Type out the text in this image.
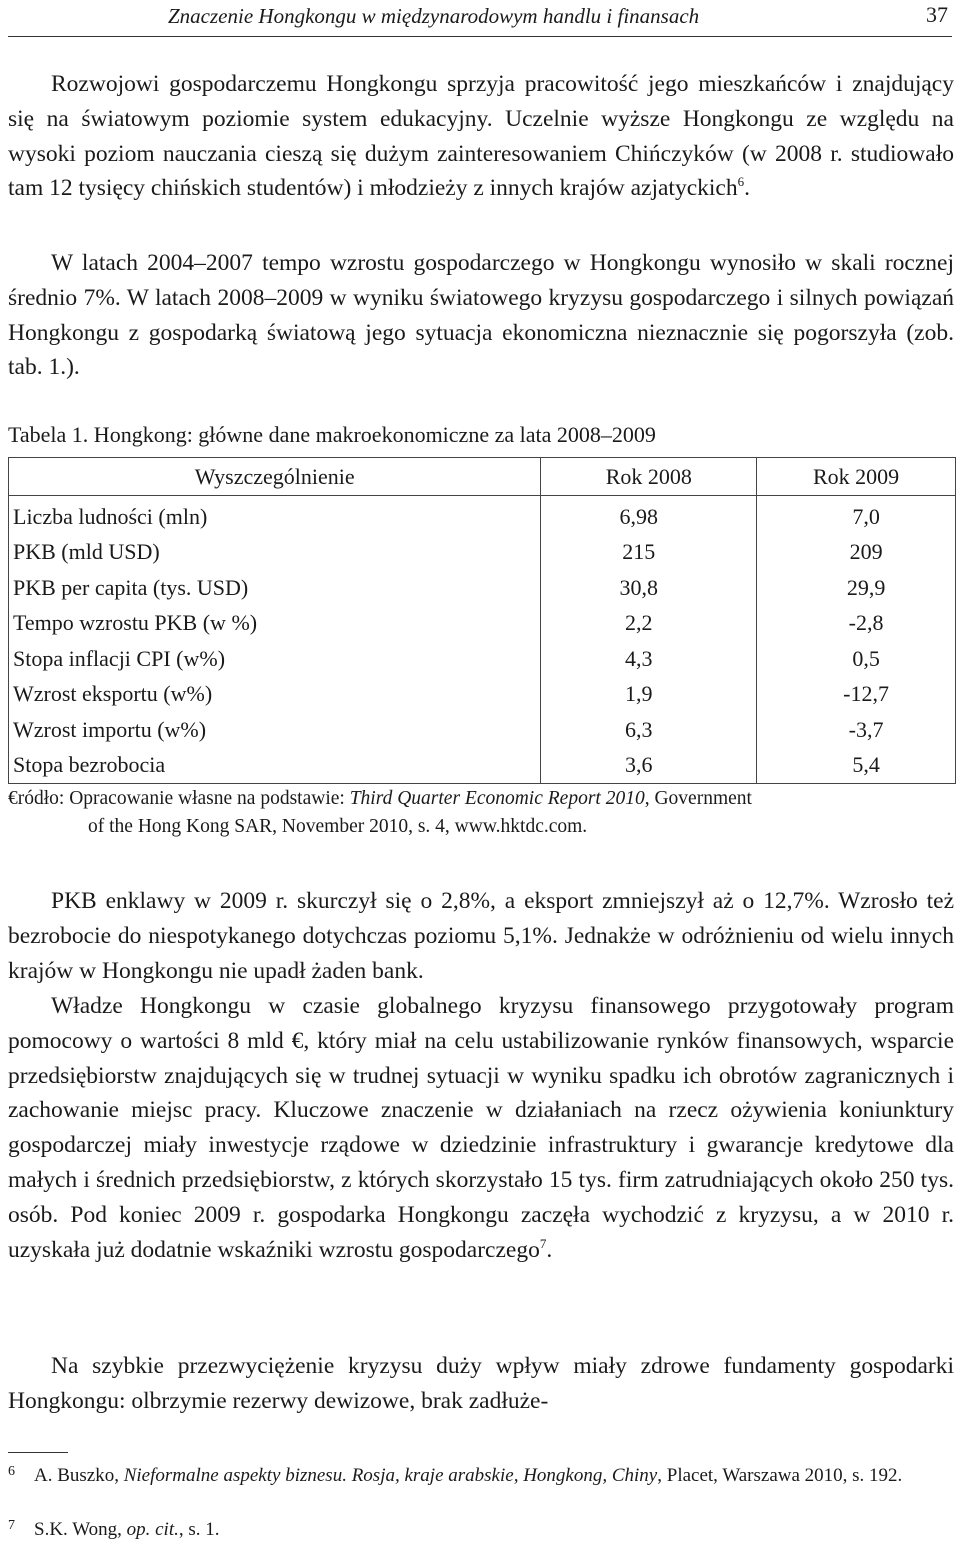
Znaczenie Hongkongu w międzynarodowym handlu i finansach	37

Rozwojowi gospodarczemu Hongkongu sprzyja pracowitość jego mieszkańców i znajdujący się na światowym poziomie system edukacyjny. Uczelnie wyższe Hongkongu ze względu na wysoki poziom nauczania cieszą się dużym zainteresowaniem Chińczyków (w 2008 r. studiowało tam 12 tysięcy chińskich studentów) i młodzieży z innych krajów azjatyckich$^6$.

W latach 2004–2007 tempo wzrostu gospodarczego w Hongkongu wynosiło w skali rocznej średnio 7%. W latach 2008–2009 w wyniku światowego kryzysu gospodarczego i silnych powiązań Hongkongu z gospodarką światową jego sytuacja ekonomiczna nieznacznie się pogorszyła (zob. tab. 1.).

Tabela 1. Hongkong: główne dane makroekonomiczne za lata 2008–2009
Wyszczególnienie	Rok 2008	Rok 2009
Liczba ludności (mln)	6,98	7,0
PKB (mld USD)	215	209
PKB per capita (tys. USD)	30,8	29,9
Tempo wzrostu PKB (w %)	2,2	-2,8
Stopa inflacji CPI (w%)	4,3	0,5
Wzrost eksportu (w%)	1,9	-12,7
Wzrost importu (w%)	6,3	-3,7
Stopa bezrobocia	3,6	5,4
€ródło: Opracowanie własne na podstawie: Third Quarter Economic Report 2010, Government
of the Hong Kong SAR, November 2010, s. 4, www.hktdc.com.

PKB enklawy w 2009 r. skurczył się o 2,8%, a eksport zmniejszył aż o 12,7%. Wzrosło też bezrobocie do niespotykanego dotychczas poziomu 5,1%. Jednakże w odróżnieniu od wielu innych krajów w Hongkongu nie upadł żaden bank.

Władze Hongkongu w czasie globalnego kryzysu finansowego przygotowały program pomocowy o wartości 8 mld €, który miał na celu ustabilizowanie rynków finansowych, wsparcie przedsiębiorstw znajdujących się w trudnej sytuacji w wyniku spadku ich obrotów zagranicznych i zachowanie miejsc pracy. Kluczowe znaczenie w działaniach na rzecz ożywienia koniunktury gospodarczej miały inwestycje rządowe w dziedzinie infrastruktury i gwarancje kredytowe dla małych i średnich przedsiębiorstw, z których skorzystało 15 tys. firm zatrudniających około 250 tys. osób. Pod koniec 2009 r. gospodarka Hongkongu zaczęła wychodzić z kryzysu, a w 2010 r. uzyskała już dodatnie wskaźniki wzrostu gospodarczego$^7$.

Na szybkie przezwyciężenie kryzysu duży wpływ miały zdrowe fundamenty gospodarki Hongkongu: olbrzymie rezerwy dewizowe, brak zadłuże-

6	A. Buszko, Nieformalne aspekty biznesu. Rosja, kraje arabskie, Hongkong, Chiny, Placet, Warszawa 2010, s. 192.
7	S.K. Wong, op. cit., s. 1.
